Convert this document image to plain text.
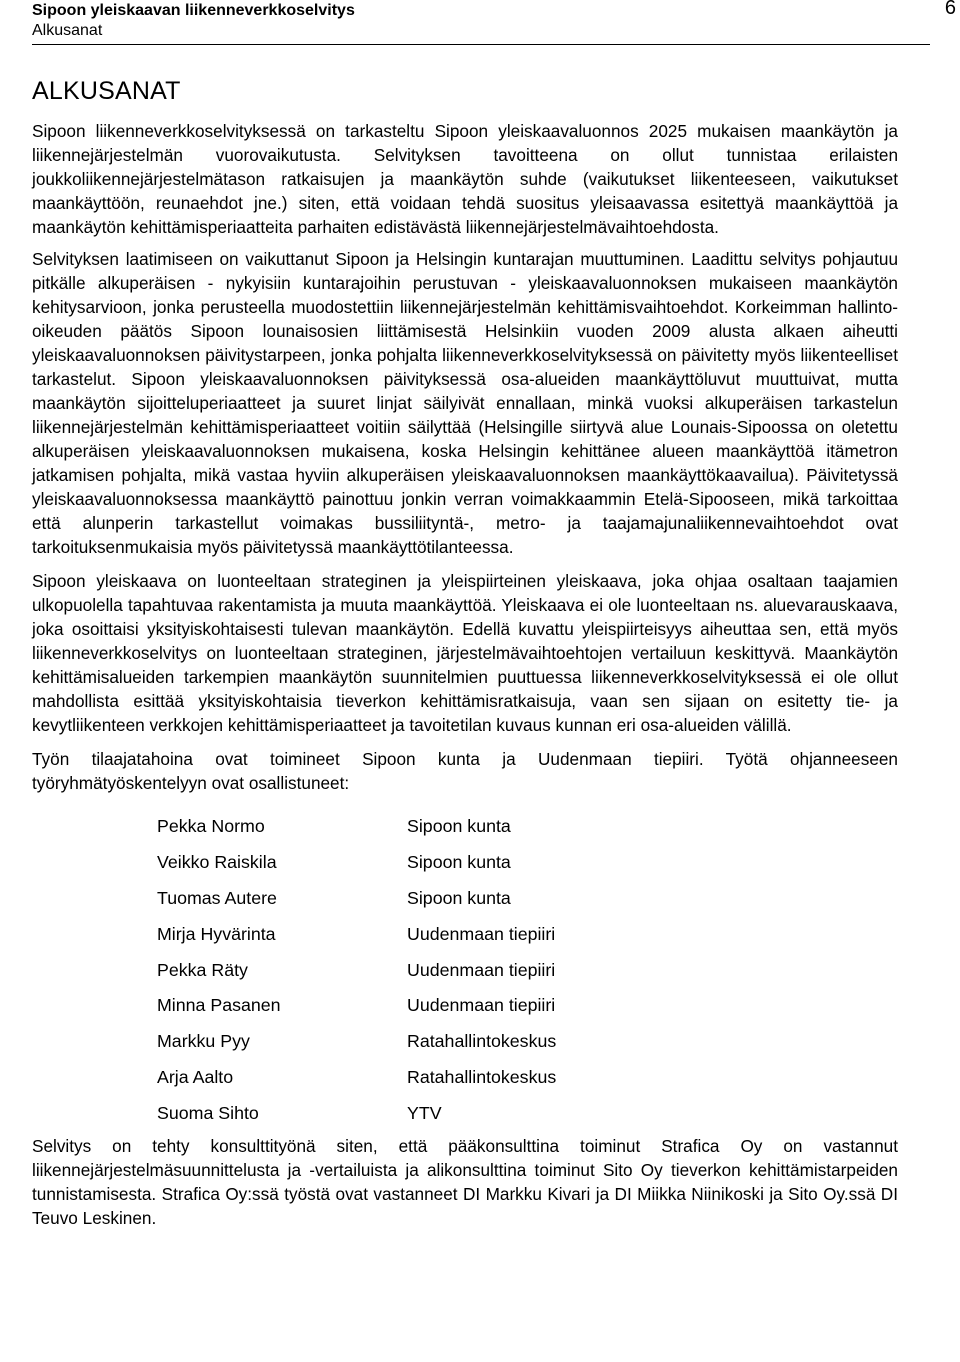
Sipoon yleiskaavan liikenneverkkoselvitys
Alkusanat
6
ALKUSANAT

Sipoon liikenneverkkoselvityksessä on tarkasteltu Sipoon yleiskaavaluonnos 2025 mukaisen maankäytön ja liikennejärjestelmän vuorovaikutusta. Selvityksen tavoitteena on ollut tunnistaa erilaisten joukkoliikennejärjestelmätason ratkaisujen ja maankäytön suhde (vaikutukset liikenteeseen, vaikutukset maankäyttöön, reunaehdot jne.) siten, että voidaan tehdä suositus yleisaavassa esitettyä maankäyttöä ja maankäytön kehittämisperiaatteita parhaiten edistävästä liikennejärjestelmävaihtoehdosta.

Selvityksen laatimiseen on vaikuttanut Sipoon ja Helsingin kuntarajan muuttuminen. Laadittu selvitys pohjautuu pitkälle alkuperäisen - nykyisiin kuntarajoihin perustuvan - yleiskaavaluonnoksen mukaiseen maankäytön kehitysarvioon, jonka perusteella muodostettiin liikennejärjestelmän kehittämisvaihtoehdot. Korkeimman hallinto-oikeuden päätös Sipoon lounaisosien liittämisestä Helsinkiin vuoden 2009 alusta alkaen aiheutti yleiskaavaluonnoksen päivitystarpeen, jonka pohjalta liikenneverkkoselvityksessä on päivitetty myös liikenteelliset tarkastelut. Sipoon yleiskaavaluonnoksen päivityksessä osa-alueiden maankäyttöluvut muuttuivat, mutta maankäytön sijoitteluperiaatteet ja suuret linjat säilyivät ennallaan, minkä vuoksi alkuperäisen tarkastelun liikennejärjestelmän kehittämisperiaatteet voitiin säilyttää (Helsingille siirtyvä alue Lounais-Sipoossa on oletettu alkuperäisen yleiskaavaluonnoksen mukaisena, koska Helsingin kehittänee alueen maankäyttöä itämetron jatkamisen pohjalta, mikä vastaa hyviin alkuperäisen yleiskaavaluonnoksen maankäyttökaavailua). Päivitetyssä yleiskaavaluonnoksessa maankäyttö painottuu jonkin verran voimakkaammin Etelä-Sipooseen, mikä tarkoittaa että alunperin tarkastellut voimakas bussiliityntä-, metro- ja taajamajunaliikennevaihtoehdot ovat tarkoituksenmukaisia myös päivitetyssä maankäyttötilanteessa.

Sipoon yleiskaava on luonteeltaan strateginen ja yleispiirteinen yleiskaava, joka ohjaa osaltaan taajamien ulkopuolella tapahtuvaa rakentamista ja muuta maankäyttöä. Yleiskaava ei ole luonteeltaan ns. aluevarauskaava, joka osoittaisi yksityiskohtaisesti tulevan maankäytön. Edellä kuvattu yleispiirteisyys aiheuttaa sen, että myös liikenneverkkoselvitys on luonteeltaan strateginen, järjestelmävaihtoehtojen vertailuun keskittyvä. Maankäytön kehittämisalueiden tarkempien maankäytön suunnitelmien puuttuessa liikenneverkkoselvityksessä ei ole ollut mahdollista esittää yksityiskohtaisia tieverkon kehittämisratkaisuja, vaan sen sijaan on esitetty tie- ja kevytliikenteen verkkojen kehittämisperiaatteet ja tavoitetilan kuvaus kunnan eri osa-alueiden välillä.

Työn tilaajatahoina ovat toimineet Sipoon kunta ja Uudenmaan tiepiiri. Työtä ohjanneeseen työryhmätyöskentelyyn ovat osallistuneet:

Pekka Normo	Sipoon kunta
Veikko Raiskila	Sipoon kunta
Tuomas Autere	Sipoon kunta
Mirja Hyvärinta	Uudenmaan tiepiiri
Pekka Räty	Uudenmaan tiepiiri
Minna Pasanen	Uudenmaan tiepiiri
Markku Pyy	Ratahallintokeskus
Arja Aalto	Ratahallintokeskus
Suoma Sihto	YTV

Selvitys on tehty konsulttityönä siten, että pääkonsulttina toiminut Strafica Oy on vastannut liikennejärjestelmäsuunnittelusta ja -vertailuista ja alikonsulttina toiminut Sito Oy tieverkon kehittämistarpeiden tunnistamisesta. Strafica Oy:ssä työstä ovat vastanneet DI Markku Kivari ja DI Miikka Niinikoski ja Sito Oy.ssä DI Teuvo Leskinen.
